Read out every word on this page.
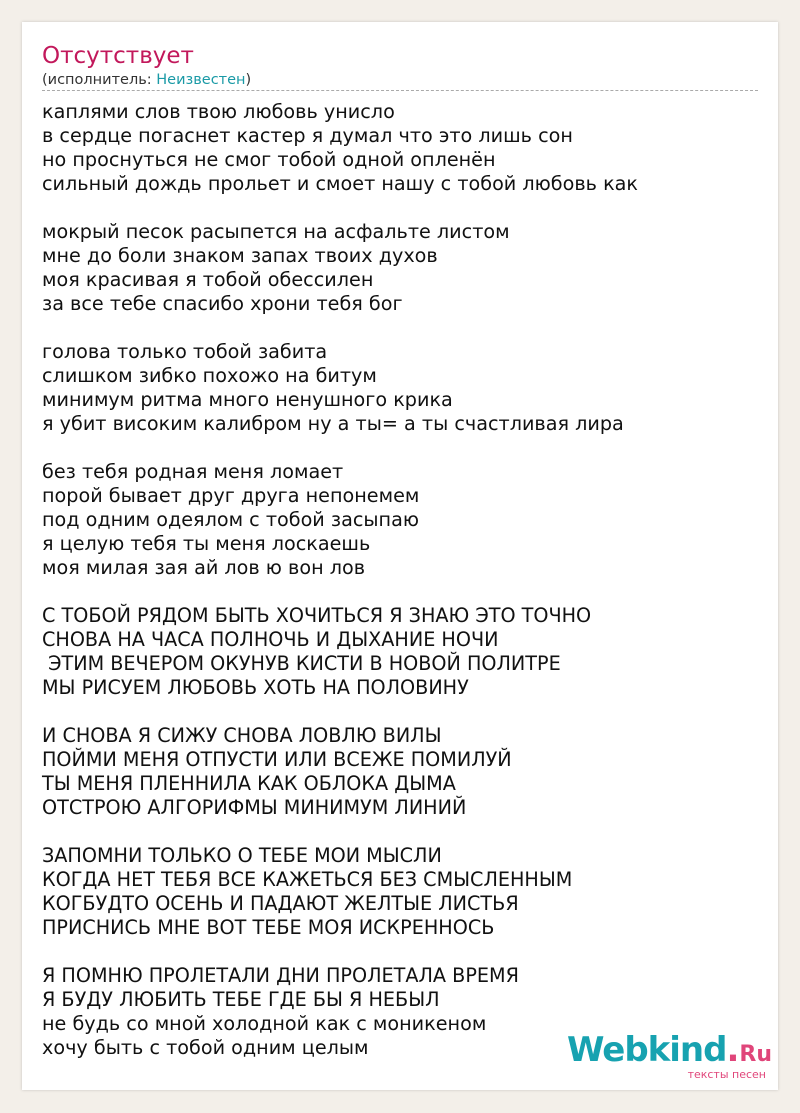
Отсутствует
(исполнитель: Неизвестен)
каплями слов твою любовь унисло
в сердце погаснет кастер я думал что это лишь сон
но проснуться не смог тобой одной опленён
сильный дождь прольет и смоет нашу с тобой любовь как
мокрый песок расыпется на асфальте листом
мне до боли знаком запах твоих духов
моя красивая я тобой обессилен
за все тебе спасибо хрони тебя бог
голова только тобой забита
слишком зибко похожо на битум
минимум ритма много ненушного крика
я убит високим калибром ну а ты= а ты счастливая лира
без тебя родная меня ломает
порой бывает друг друга непонемем
под одним одеялом с тобой засыпаю
я целую тебя ты меня лоскаешь
моя милая зая ай лов ю вон лов
С ТОБОЙ РЯДОМ БЫТЬ ХОЧИТЬСЯ Я ЗНАЮ ЭТО ТОЧНО
СНОВА НА ЧАСА ПОЛНОЧЬ И ДЫХАНИЕ НОЧИ
ЭТИМ ВЕЧЕРОМ ОКУНУВ КИСТИ В НОВОЙ ПОЛИТРЕ
МЫ РИСУЕМ ЛЮБОВЬ ХОТЬ НА ПОЛОВИНУ
И СНОВА Я СИЖУ СНОВА ЛОВЛЮ ВИЛЫ
ПОЙМИ МЕНЯ ОТПУСТИ ИЛИ ВСЕЖЕ ПОМИЛУЙ
ТЫ МЕНЯ ПЛЕННИЛА КАК ОБЛОКА ДЫМА
ОТСТРОЮ АЛГОРИФМЫ МИНИМУМ ЛИНИЙ
ЗАПОМНИ ТОЛЬКО О ТЕБЕ МОИ МЫСЛИ
КОГДА НЕТ ТЕБЯ ВСЕ КАЖЕТЬСЯ БЕЗ СМЫСЛЕННЫМ
КОГБУДТО ОСЕНЬ И ПАДАЮТ ЖЕЛТЫЕ ЛИСТЬЯ
ПРИСНИСЬ МНЕ ВОТ ТЕБЕ МОЯ ИСКРЕННОСЬ
Я ПОМНЮ ПРОЛЕТАЛИ ДНИ ПРОЛЕТАЛА ВРЕМЯ
Я БУДУ ЛЮБИТЬ ТЕБЕ ГДЕ БЫ Я НЕБЫЛ
не будь со мной холодной как с моникеном
хочу быть с тобой одним целым	Webkind.Ru
тексты песен
